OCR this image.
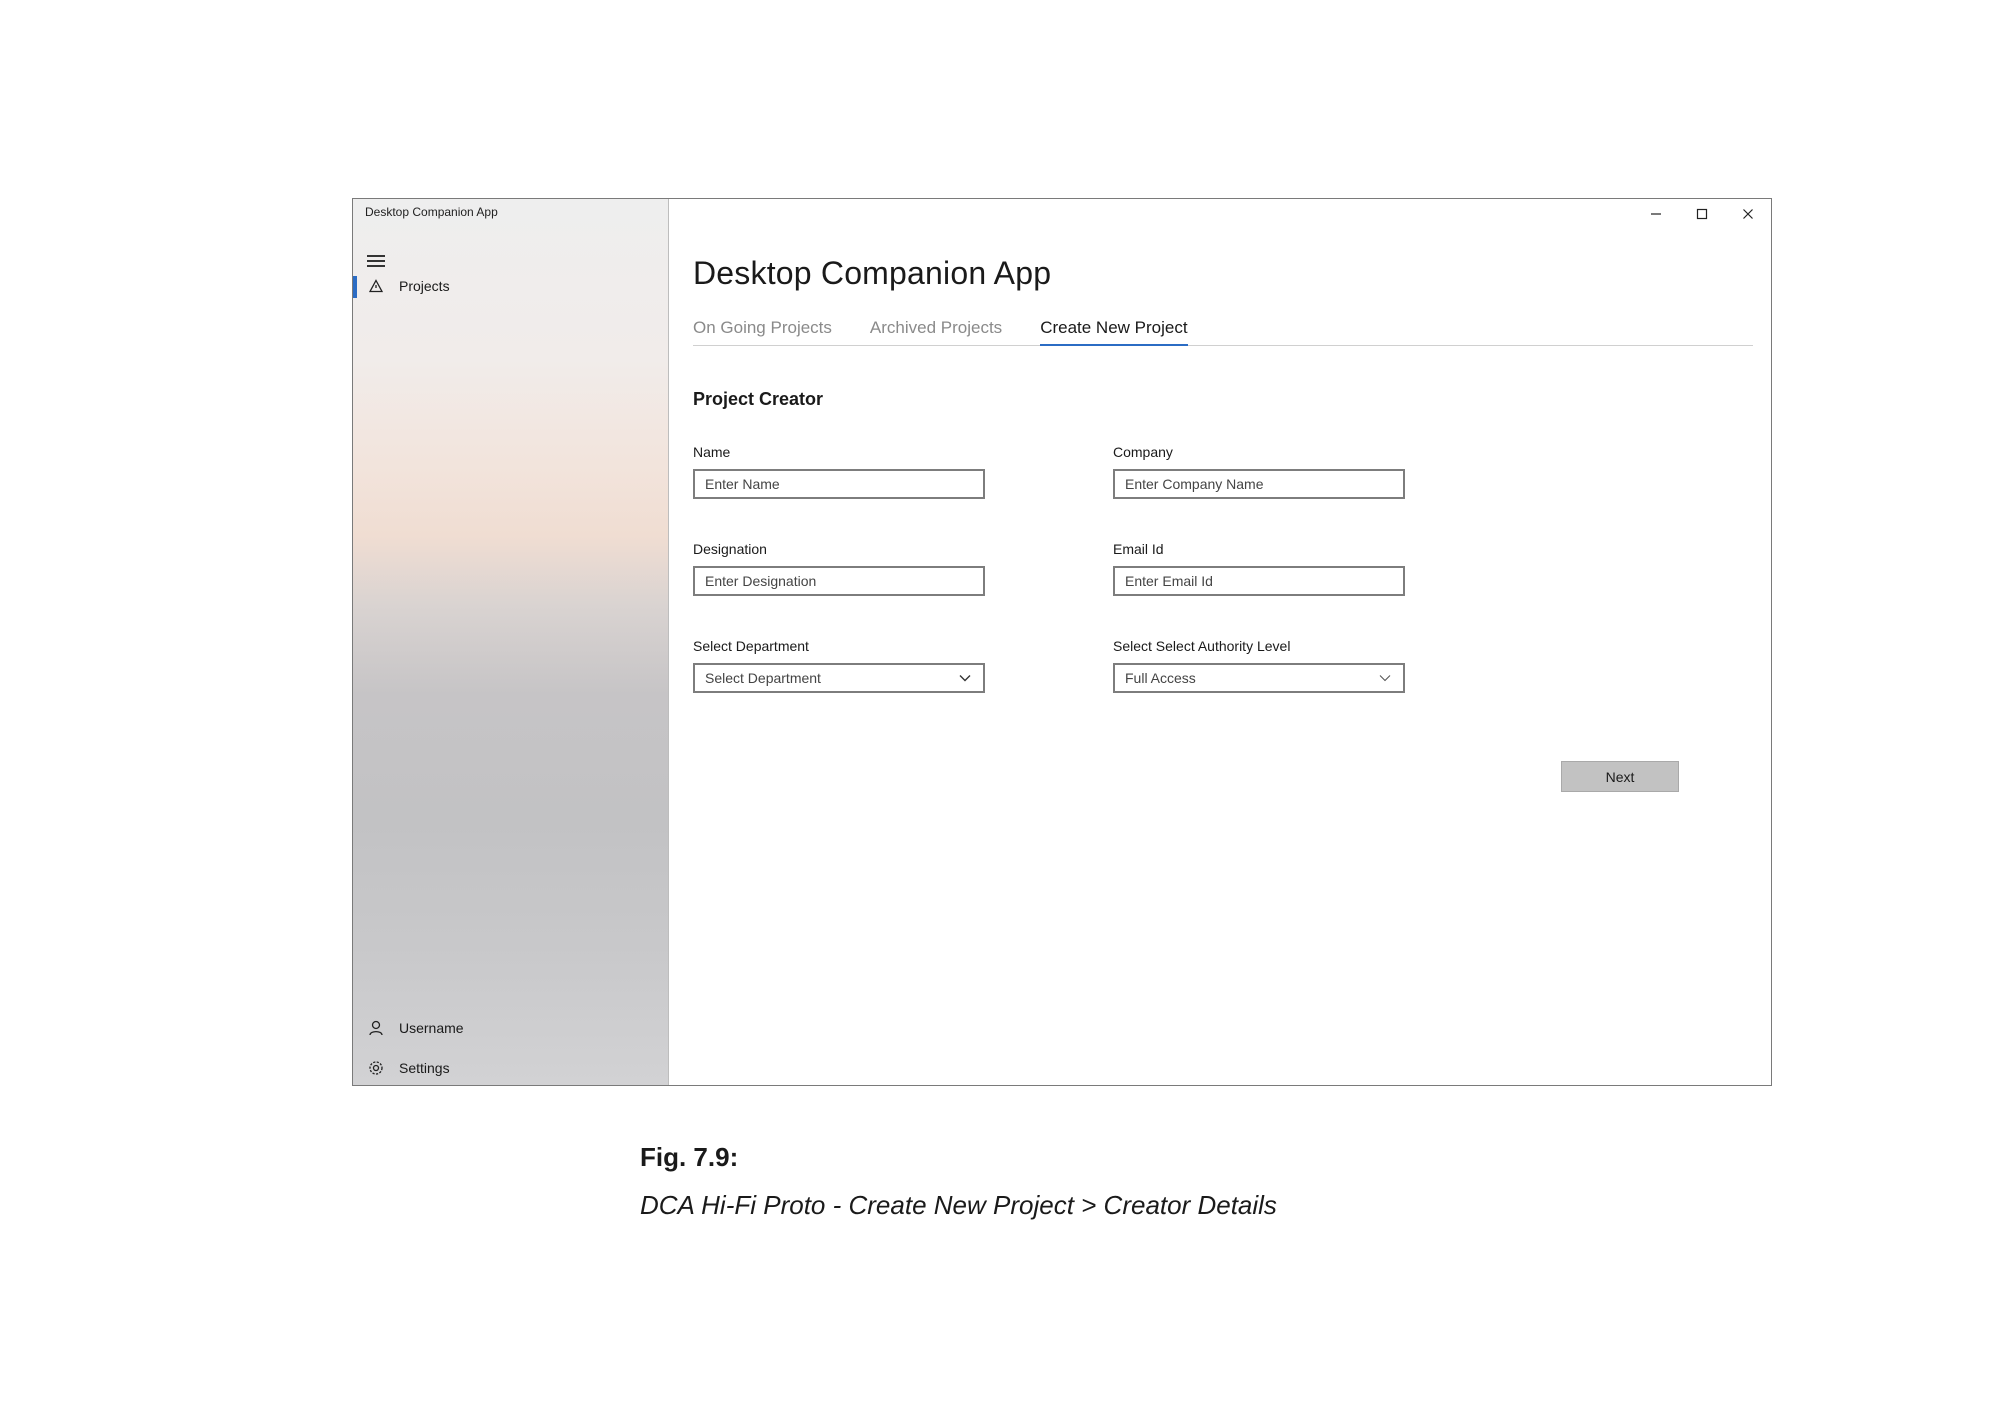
Desktop Companion App
Projects
Username
Settings
Desktop Companion App
On Going Projects Archived Projects Create New Project
Project Creator
Name
Enter Name
Company
Enter Company Name
Designation
Enter Designation
Email Id
Enter Email Id
Select Department
Select Department
Select Select Authority Level
Full Access
Next
Fig. 7.9:
DCA Hi-Fi Proto - Create New Project > Creator Details
